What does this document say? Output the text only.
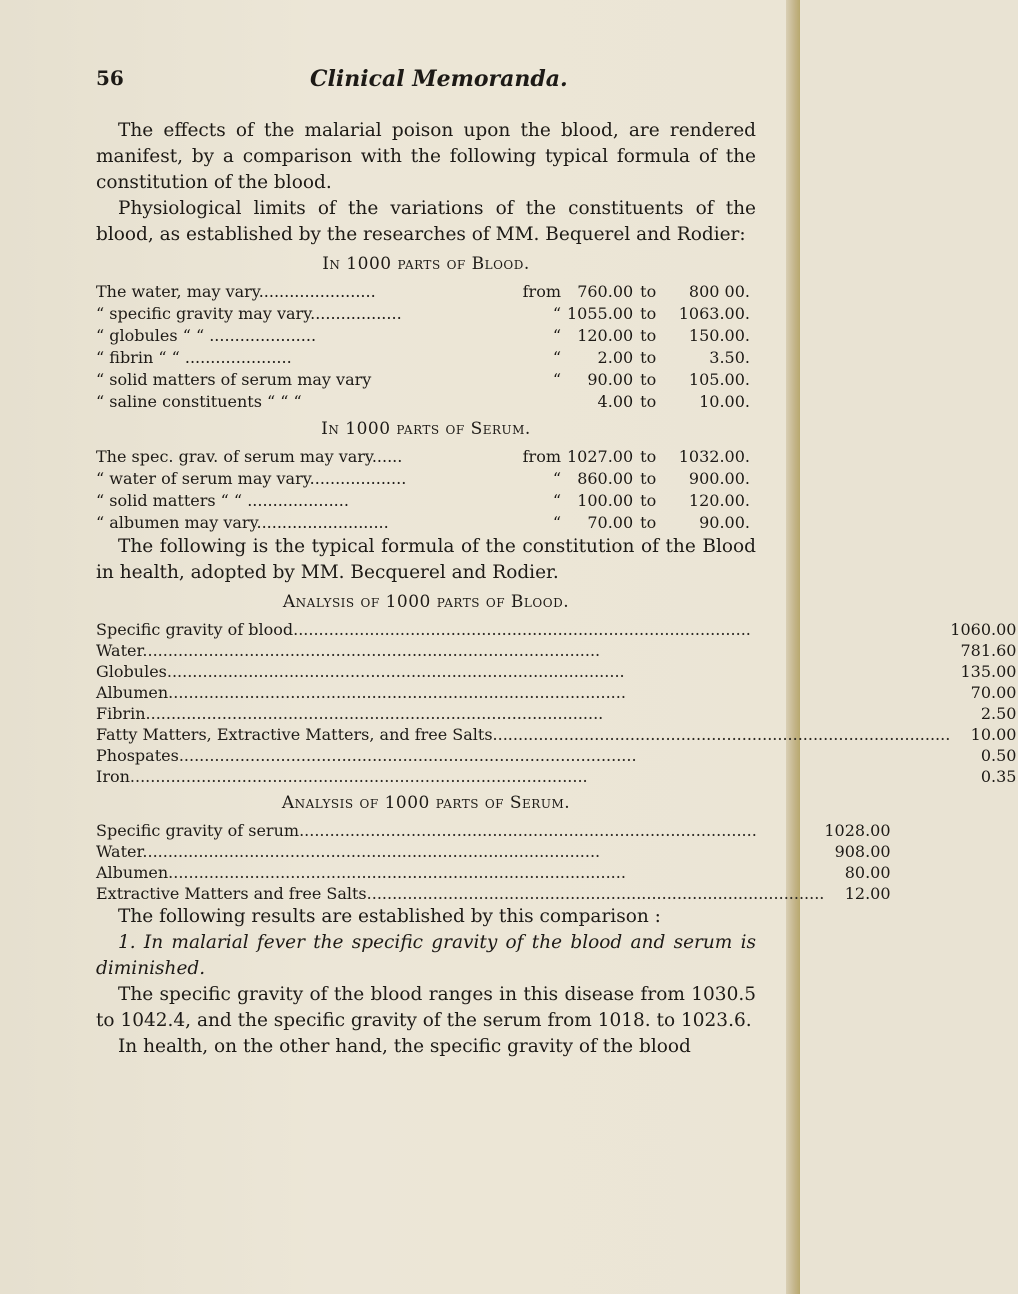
56	Clinical Memoranda.

The effects of the malarial poison upon the blood, are rendered manifest, by a comparison with the following typical formula of the constitution of the blood.

Physiological limits of the variations of the constituents of the blood, as established by the researches of MM. Bequerel and Rodier:

In 1000 parts of Blood.
The water, may vary.......................	from	760.00	to	800 00.
“ specific gravity may vary..................	“	1055.00	to	1063.00.
“ globules “ “ .....................	“	120.00	to	150.00.
“ fibrin “ “ .....................	“	2.00	to	3.50.
“ solid matters of serum may vary	“	90.00	to	105.00.
“ saline constituents “ “ “		4.00	to	10.00.
In 1000 parts of Serum.
The spec. grav. of serum may vary......	from	1027.00	to	1032.00.
“ water of serum may vary...................	“	860.00	to	900.00.
“ solid matters “ “ ....................	“	100.00	to	120.00.
“ albumen may vary..........................	“	70.00	to	90.00.

The following is the typical formula of the constitution of the Blood in health, adopted by MM. Becquerel and Rodier.

Analysis of 1000 parts of Blood.
Specific gravity of blood..........................................................................................	1060.00
Water..........................................................................................	781.60
Globules..........................................................................................	135.00
Albumen..........................................................................................	70.00
Fibrin..........................................................................................	2.50
Fatty Matters, Extractive Matters, and free Salts..........................................................................................	10.00
Phospates..........................................................................................	0.50
Iron..........................................................................................	0.35
Analysis of 1000 parts of Serum.
Specific gravity of serum..........................................................................................	1028.00
Water..........................................................................................	908.00
Albumen..........................................................................................	80.00
Extractive Matters and free Salts..........................................................................................	12.00

The following results are established by this comparison :

1. In malarial fever the specific gravity of the blood and serum is diminished.

The specific gravity of the blood ranges in this disease from 1030.5 to 1042.4, and the specific gravity of the serum from 1018. to 1023.6.

In health, on the other hand, the specific gravity of the blood
